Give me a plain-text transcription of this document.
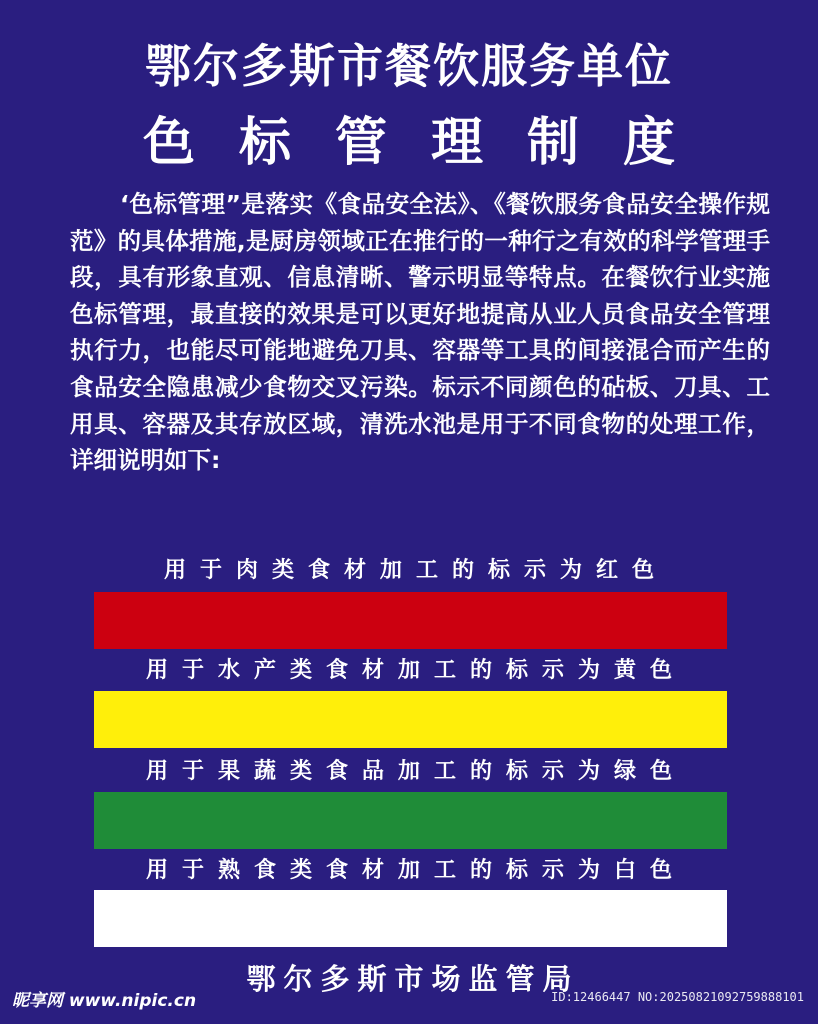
鄂尔多斯市餐饮服务单位
色标管理制度

‘色标管理”是落实《食品安全法》、《餐饮服务食品安全操作规范》的具体措施,是厨房领域正在推行的一种行之有效的科学管理手段，具有形象直观、信息清晰、警示明显等特点。在餐饮行业实施色标管理，最直接的效果是可以更好地提高从业人员食品安全管理执行力，也能尽可能地避免刀具、容器等工具的间接混合而产生的食品安全隐患减少食物交叉污染。标示不同颜色的砧板、刀具、工用具、容器及其存放区域，清洗水池是用于不同食物的处理工作，详细说明如下:

用于肉类食材加工的标示为红色
用于水产类食材加工的标示为黄色
用于果蔬类食品加工的标示为绿色
用于熟食类食材加工的标示为白色
鄂尔多斯市场监管局
昵享网 www.nipic.cn	ID:12466447 NO:20250821092759888101
